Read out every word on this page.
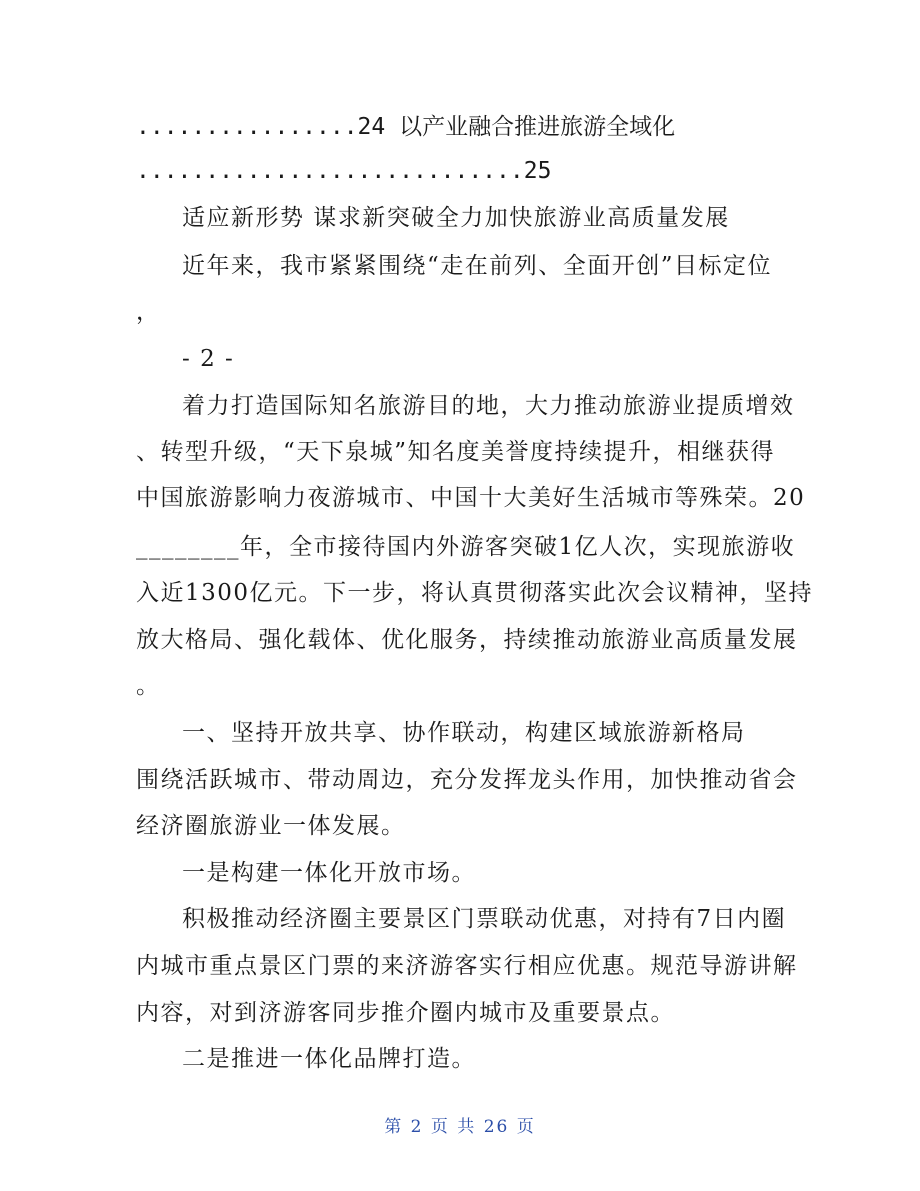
................24 以产业融合推进旅游全域化
............................25
适应新形势 谋求新突破全力加快旅游业高质量发展
近年来，我市紧紧围绕“走在前列、全面开创”目标定位
，
- 2 -
着力打造国际知名旅游目的地，大力推动旅游业提质增效
、转型升级，“天下泉城”知名度美誉度持续提升，相继获得
中国旅游影响力夜游城市、中国十大美好生活城市等殊荣。20
________年，全市接待国内外游客突破1亿人次，实现旅游收
入近1300亿元。下一步，将认真贯彻落实此次会议精神，坚持
放大格局、强化载体、优化服务，持续推动旅游业高质量发展
。
一、坚持开放共享、协作联动，构建区域旅游新格局
围绕活跃城市、带动周边，充分发挥龙头作用，加快推动省会
经济圈旅游业一体发展。
一是构建一体化开放市场。
积极推动经济圈主要景区门票联动优惠，对持有7日内圈
内城市重点景区门票的来济游客实行相应优惠。规范导游讲解
内容，对到济游客同步推介圈内城市及重要景点。
二是推进一体化品牌打造。
第 2 页 共 26 页
